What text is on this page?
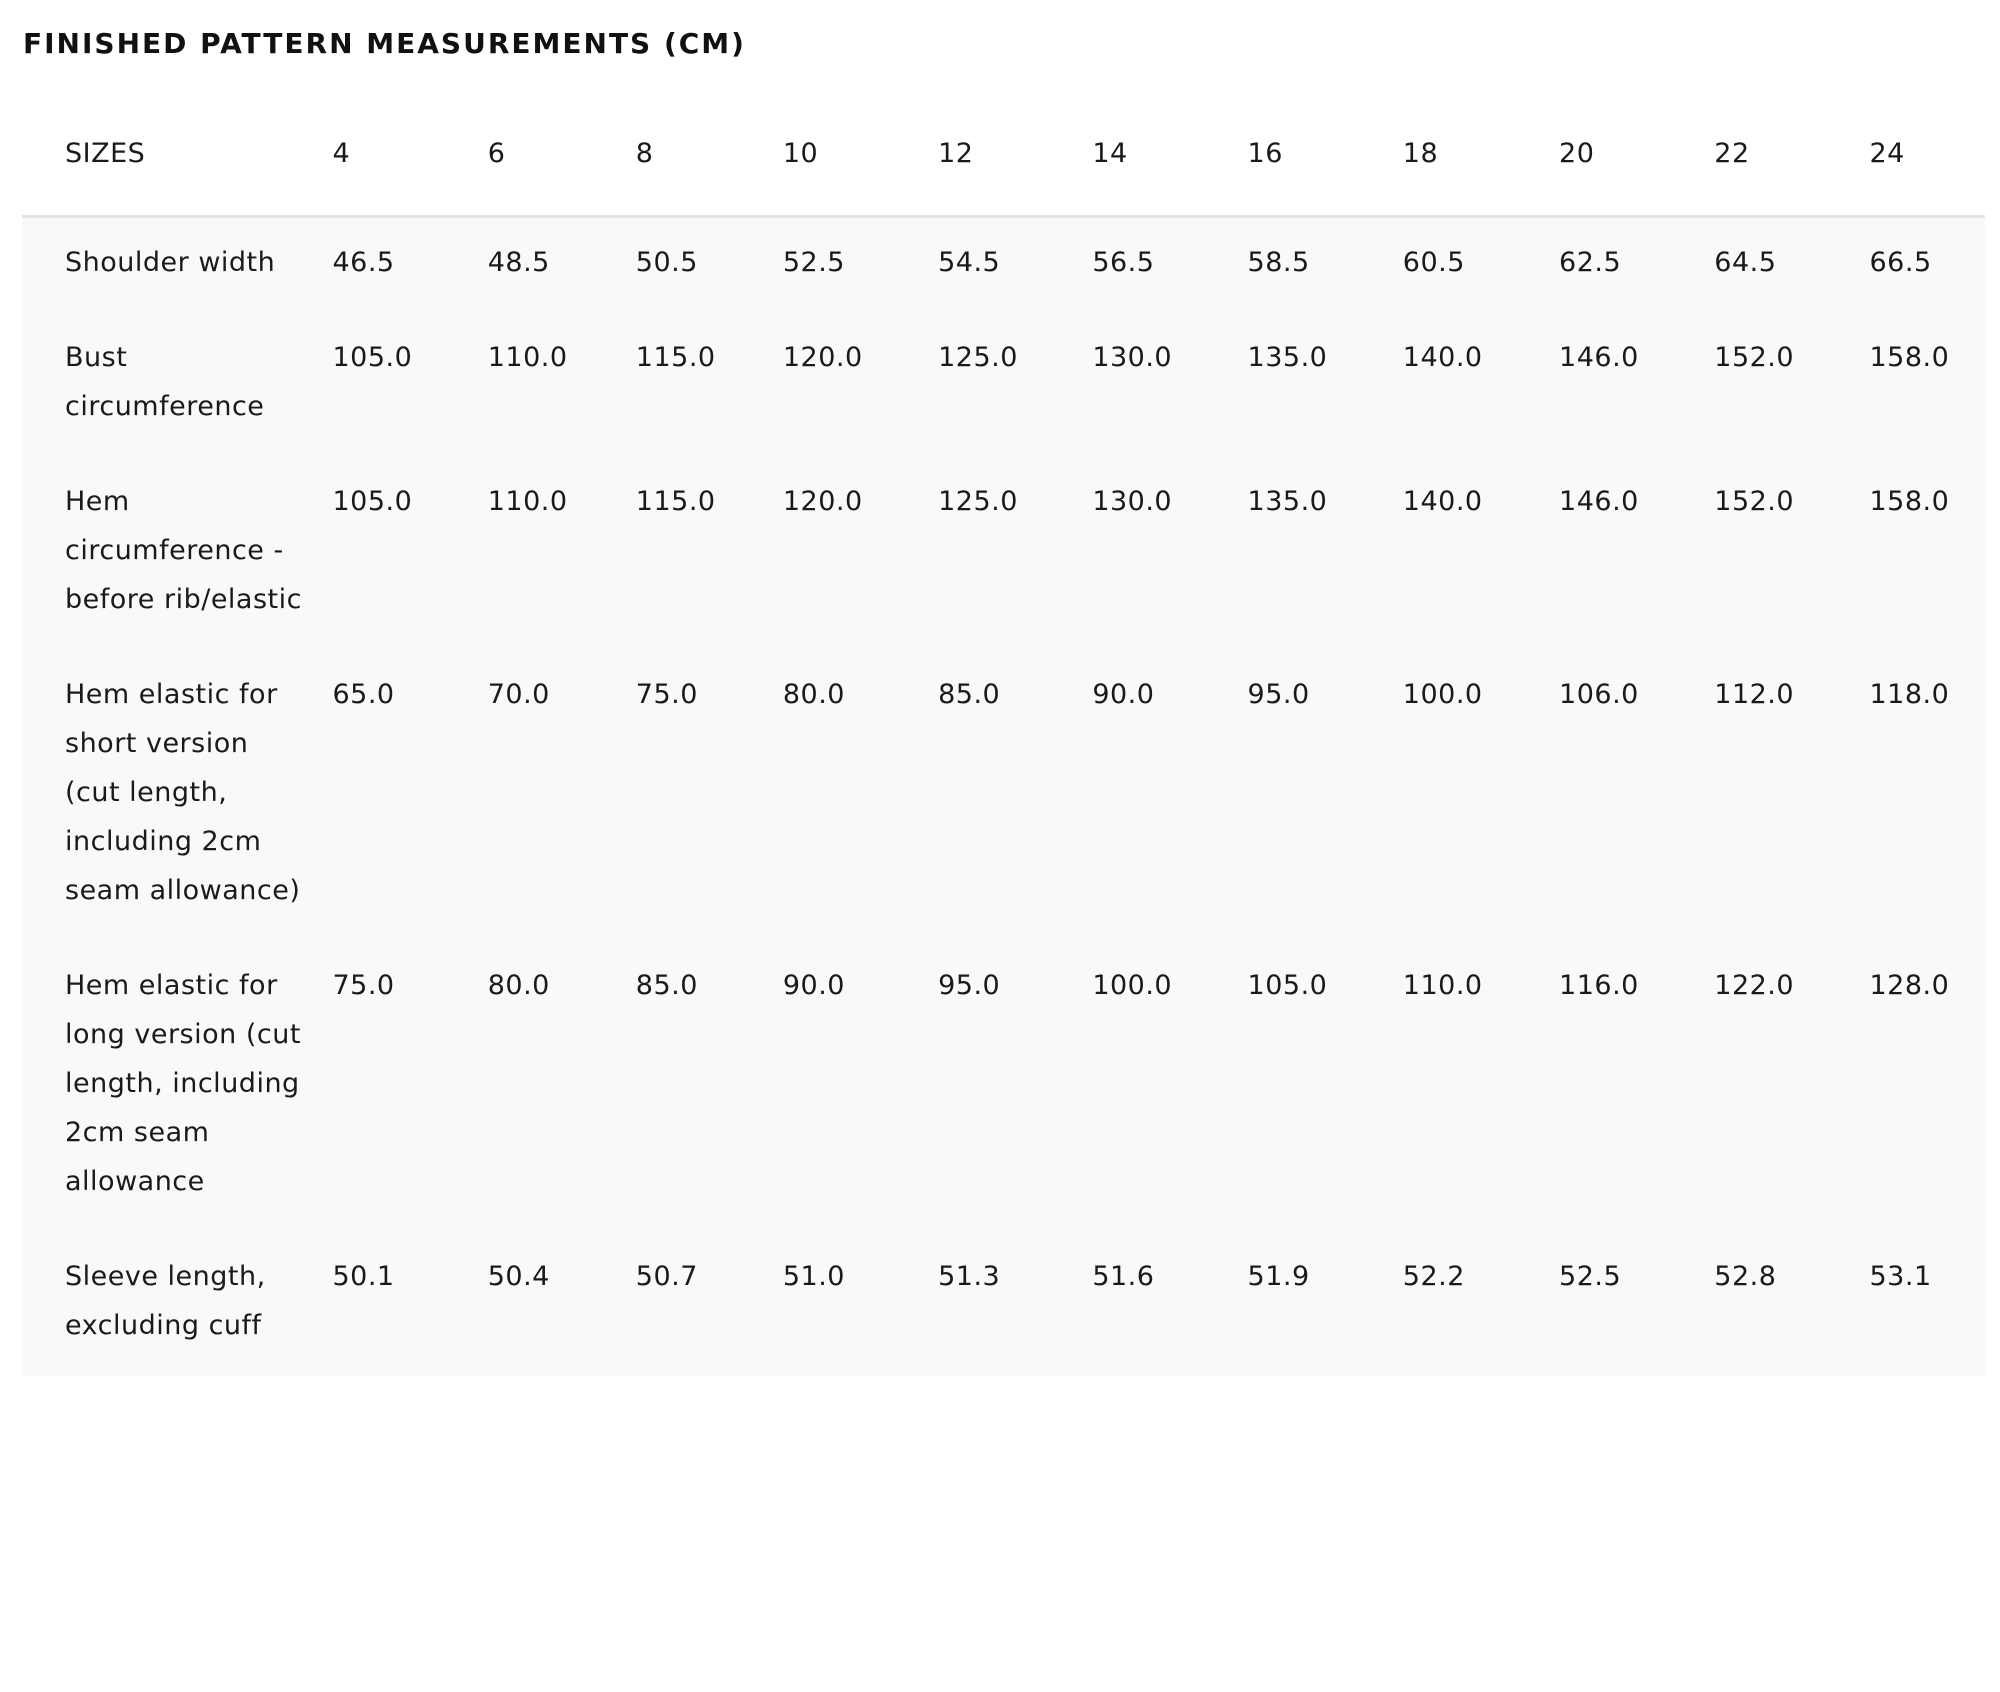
FINISHED PATTERN MEASUREMENTS (CM)
SIZES	4	6	8	10	12	14	16	18	20	22	24
Shoulder width	46.5	48.5	50.5	52.5	54.5	56.5	58.5	60.5	62.5	64.5	66.5
Bust circumference	105.0	110.0	115.0	120.0	125.0	130.0	135.0	140.0	146.0	152.0	158.0
Hem circumference - before rib/elastic	105.0	110.0	115.0	120.0	125.0	130.0	135.0	140.0	146.0	152.0	158.0
Hem elastic for short version (cut length, including 2cm seam allowance)	65.0	70.0	75.0	80.0	85.0	90.0	95.0	100.0	106.0	112.0	118.0
Hem elastic for long version (cut length, including 2cm seam allowance	75.0	80.0	85.0	90.0	95.0	100.0	105.0	110.0	116.0	122.0	128.0
Sleeve length, excluding cuff	50.1	50.4	50.7	51.0	51.3	51.6	51.9	52.2	52.5	52.8	53.1
